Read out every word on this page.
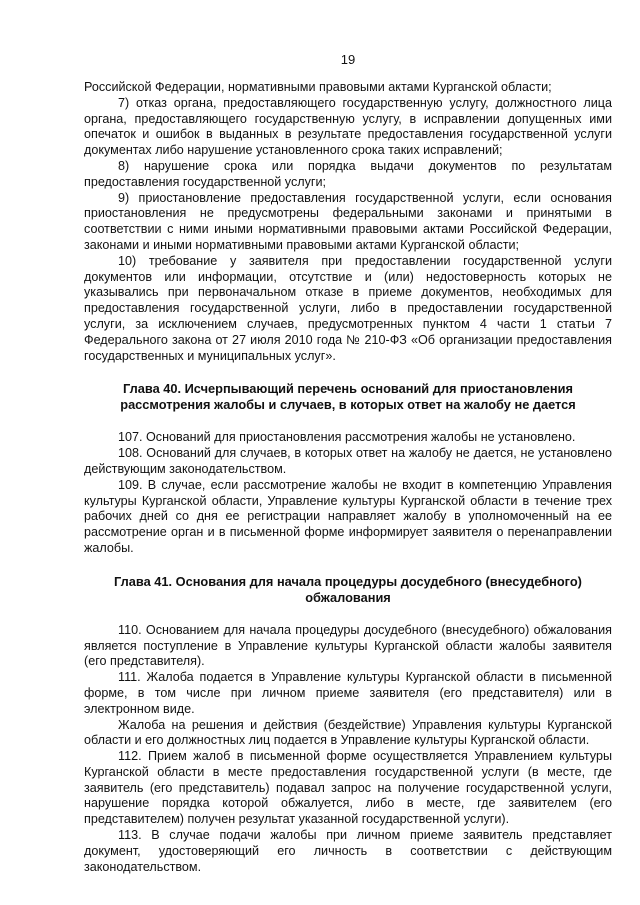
19

Российской Федерации, нормативными правовыми актами Курганской области;

7) отказ органа, предоставляющего государственную услугу, должностного лица органа, предоставляющего государственную услугу, в исправлении допущенных ими опечаток и ошибок в выданных в результате предоставления государственной услуги документах либо нарушение установленного срока таких исправлений;

8) нарушение срока или порядка выдачи документов по результатам предоставления государственной услуги;

9) приостановление предоставления государственной услуги, если основания приостановления не предусмотрены федеральными законами и принятыми в соответствии с ними иными нормативными правовыми актами Российской Федерации, законами и иными нормативными правовыми актами Курганской области;

10) требование у заявителя при предоставлении государственной услуги документов или информации, отсутствие и (или) недостоверность которых не указывались при первоначальном отказе в приеме документов, необходимых для предоставления государственной услуги, либо в предоставлении государственной услуги, за исключением случаев, предусмотренных пунктом 4 части 1 статьи 7 Федерального закона от 27 июля 2010 года № 210-ФЗ «Об организации предоставления государственных и муниципальных услуг».

Глава 40. Исчерпывающий перечень оснований для приостановления рассмотрения жалобы и случаев, в которых ответ на жалобу не дается

107. Оснований для приостановления рассмотрения жалобы не установлено.

108. Оснований для случаев, в которых ответ на жалобу не дается, не установлено действующим законодательством.

109. В случае, если рассмотрение жалобы не входит в компетенцию Управления культуры Курганской области, Управление культуры Курганской области в течение трех рабочих дней со дня ее регистрации направляет жалобу в уполномоченный на ее рассмотрение орган и в письменной форме информирует заявителя о перенаправлении жалобы.

Глава 41. Основания для начала процедуры досудебного (внесудебного) обжалования

110. Основанием для начала процедуры досудебного (внесудебного) обжалования является поступление в Управление культуры Курганской области жалобы заявителя (его представителя).

111. Жалоба подается в Управление культуры Курганской области в письменной форме, в том числе при личном приеме заявителя (его представителя) или в электронном виде.

Жалоба на решения и действия (бездействие) Управления культуры Курганской области и его должностных лиц подается в Управление культуры Курганской области.

112. Прием жалоб в письменной форме осуществляется Управлением культуры Курганской области в месте предоставления государственной услуги (в месте, где заявитель (его представитель) подавал запрос на получение государственной услуги, нарушение порядка которой обжалуется, либо в месте, где заявителем (его представителем) получен результат указанной государственной услуги).

113. В случае подачи жалобы при личном приеме заявитель представляет документ, удостоверяющий его личность в соответствии с действующим законодательством.
